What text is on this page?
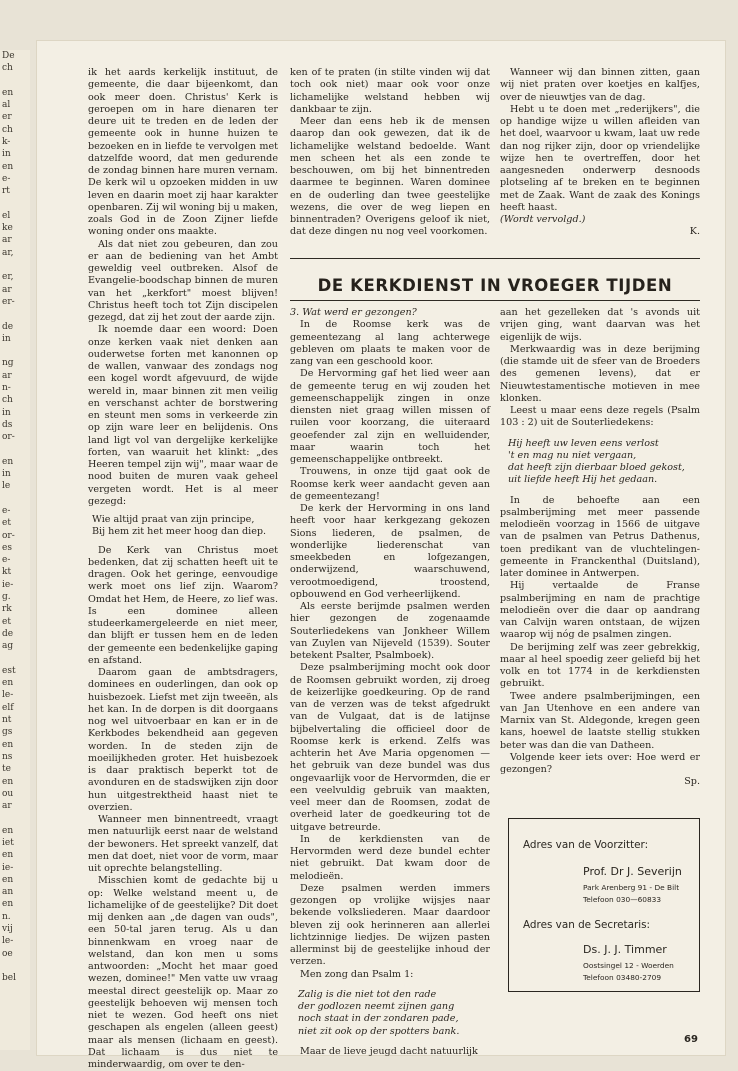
De
ch
en
al
er
ch
k-
in
en
e-
rt
el
ke
ar
ar,
er,
ar
er-
de
in
ng
ar
n-
ch
in
ds
or-
en
in
le
e-
et
or-
es
e-
kt
ie-
g.
rk
et
de
ag
est
en
le-
elf
nt
gs
en
ns
te
en
ou
ar
en
iet
en
ie-
en
an
en
n.
vij
le-
oe
bel

ik het aards kerkelijk instituut, de gemeente, die daar bijeenkomt, dan ook meer doen. Christus' Kerk is geroepen om in hare dienaren ter deure uit te treden en de leden der gemeente ook in hunne huizen te bezoeken en in liefde te vervolgen met datzelfde woord, dat men gedurende de zondag binnen hare muren vernam. De kerk wil u opzoeken midden in uw leven en daarin moet zij haar karakter openbaren. Zij wil woning bij u maken, zoals God in de Zoon Zijner liefde woning onder ons maakte.

Als dat niet zou gebeuren, dan zou er aan de bediening van het Ambt geweldig veel outbreken. Alsof de Evangelie-boodschap binnen de muren van het „kerkfort" moest blijven! Christus heeft toch tot Zijn discipelen gezegd, dat zij het zout der aarde zijn.

Ik noemde daar een woord: Doen onze kerken vaak niet denken aan ouderwetse forten met kanonnen op de wallen, vanwaar des zondags nog een kogel wordt afgevuurd, de wijde wereld in, maar binnen zit men veilig en verschanst achter de borstwering en steunt men soms in verkeerde zin op zijn ware leer en belijdenis. Ons land ligt vol van dergelijke kerkelijke forten, van waaruit het klinkt: „des Heeren tempel zijn wij", maar waar de nood buiten de muren vaak geheel vergeten wordt. Het is al meer gezegd:

Wie altijd praat van zijn principe,
Bij hem zit het meer hoog dan diep.

De Kerk van Christus moet bedenken, dat zij schatten heeft uit te dragen. Ook het geringe, eenvoudige werk moet ons lief zijn. Waarom? Omdat het Hem, de Heere, zo lief was. Is een dominee alleen studeerkamergeleerde en niet meer, dan blijft er tussen hem en de leden der gemeente een bedenkelijke gaping en afstand.

Daarom gaan de ambtsdragers, dominees en ouderlingen, dan ook op huisbezoek. Liefst met zijn tweeën, als het kan. In de dorpen is dit doorgaans nog wel uitvoerbaar en kan er in de Kerkbodes bekendheid aan gegeven worden. In de steden zijn de moeilijkheden groter. Het huisbezoek is daar praktisch beperkt tot de avonduren en de stadswijken zijn door hun uitgestrektheid haast niet te overzien.

Wanneer men binnentreedt, vraagt men natuurlijk eerst naar de welstand der bewoners. Het spreekt vanzelf, dat men dat doet, niet voor de vorm, maar uit oprechte belangstelling.

Misschien komt de gedachte bij u op: Welke welstand meent u, de lichamelijke of de geestelijke? Dit doet mij denken aan „de dagen van ouds", een 50-tal jaren terug. Als u dan binnenkwam en vroeg naar de welstand, dan kon men u soms antwoorden: „Mocht het maar goed wezen, dominee!" Men vatte uw vraag meestal direct geestelijk op. Maar zo geestelijk behoeven wij mensen toch niet te wezen. God heeft ons niet geschapen als engelen (alleen geest) maar als mensen (lichaam en geest). Dat lichaam is dus niet te minderwaardig, om over te den-

ken of te praten (in stilte vinden wij dat toch ook niet) maar ook voor onze lichamelijke welstand hebben wij dankbaar te zijn.

Meer dan eens heb ik de mensen daarop dan ook gewezen, dat ik de lichamelijke welstand bedoelde. Want men scheen het als een zonde te beschouwen, om bij het binnentreden daarmee te beginnen. Waren dominee en de ouderling dan twee geestelijke wezens, die over de weg liepen en binnentraden? Overigens geloof ik niet, dat deze dingen nu nog veel voorkomen.

Wanneer wij dan binnen zitten, gaan wij niet praten over koetjes en kalfjes, over de nieuwtjes van de dag.

Hebt u te doen met „rederijkers", die op handige wijze u willen afleiden van het doel, waarvoor u kwam, laat uw rede dan nog rijker zijn, door op vriendelijke wijze hen te overtreffen, door het aangesneden onderwerp desnoods plotseling af te breken en te beginnen met de Zaak. Want de zaak des Konings heeft haast.

(Wordt vervolgd.)

K.

DE KERKDIENST IN VROEGER TIJDEN

3. Wat werd er gezongen?

In de Roomse kerk was de gemeentezang al lang achterwege gebleven om plaats te maken voor de zang van een geschoold koor.

De Hervorming gaf het lied weer aan de gemeente terug en wij zouden het gemeenschappelijk zingen in onze diensten niet graag willen missen of ruilen voor koorzang, die uiteraard geoefender zal zijn en welluidender, maar waarin toch het gemeenschappelijke ontbreekt.

Trouwens, in onze tijd gaat ook de Roomse kerk weer aandacht geven aan de gemeentezang!

De kerk der Hervorming in ons land heeft voor haar kerkgezang gekozen Sions liederen, de psalmen, de wonderlijke liederenschat van smeekbeden en lofgezangen, onderwijzend, waarschuwend, verootmoedigend, troostend, opbouwend en God verheerlijkend.

Als eerste berijmde psalmen werden hier gezongen de zogenaamde Souterliedekens van Jonkheer Willem van Zuylen van Nijeveld (1539). Souter betekent Psalter, Psalmboek).

Deze psalmberijming mocht ook door de Roomsen gebruikt worden, zij droeg de keizerlijke goedkeuring. Op de rand van de verzen was de tekst afgedrukt van de Vulgaat, dat is de latijnse bijbelvertaling die officieel door de Roomse kerk is erkend. Zelfs was achterin het Ave Maria opgenomen — het gebruik van deze bundel was dus ongevaarlijk voor de Hervormden, die er een veelvuldig gebruik van maakten, veel meer dan de Roomsen, zodat de overheid later de goedkeuring tot de uitgave betreurde.

In de kerkdiensten van de Hervormden werd deze bundel echter niet gebruikt. Dat kwam door de melodieën.

Deze psalmen werden immers gezongen op vrolijke wijsjes naar bekende volksliederen. Maar daardoor bleven zij ook herinneren aan allerlei lichtzinnige liedjes. De wijzen pasten allerminst bij de geestelijke inhoud der verzen.

Men zong dan Psalm 1:

Zalig is die niet tot den rade
der godlozen neemt zijnen gang
noch staat in der zondaren pade,
niet zit ook op der spotters bank.

Maar de lieve jeugd dacht natuurlijk

aan het gezelleken dat 's avonds uit vrijen ging, want daarvan was het eigenlijk de wijs.

Merkwaardig was in deze berijming (die stamde uit de sfeer van de Broeders des gemenen levens), dat er Nieuwtestamentische motieven in mee klonken.

Leest u maar eens deze regels (Psalm 103 : 2) uit de Souterliedekens:

Hij heeft uw leven eens verlost
't en mag nu niet vergaan,
dat heeft zijn dierbaar bloed gekost,
uit liefde heeft Hij het gedaan.

In de behoefte aan een psalmberijming met meer passende melodieën voorzag in 1566 de uitgave van de psalmen van Petrus Dathenus, toen predikant van de vluchtelingen-gemeente in Franckenthal (Duitsland), later dominee in Antwerpen.

Hij vertaalde de Franse psalmberijming en nam de prachtige melodieën over die daar op aandrang van Calvijn waren ontstaan, de wijzen waarop wij nóg de psalmen zingen.

De berijming zelf was zeer gebrekkig, maar al heel spoedig zeer geliefd bij het volk en tot 1774 in de kerkdiensten gebruikt.

Twee andere psalmberijmingen, een van Jan Utenhove en een andere van Marnix van St. Aldegonde, kregen geen kans, hoewel de laatste stellig stukken beter was dan die van Datheen.

Volgende keer iets over: Hoe werd er gezongen?

Sp.

Adres van de Voorzitter:
Prof. Dr J. Severijn
Park Arenberg 91 - De Bilt
Telefoon 030—60833
Adres van de Secretaris:
Ds. J. J. Timmer
Oostsingel 12 - Woerden
Telefoon 03480-2709
69
